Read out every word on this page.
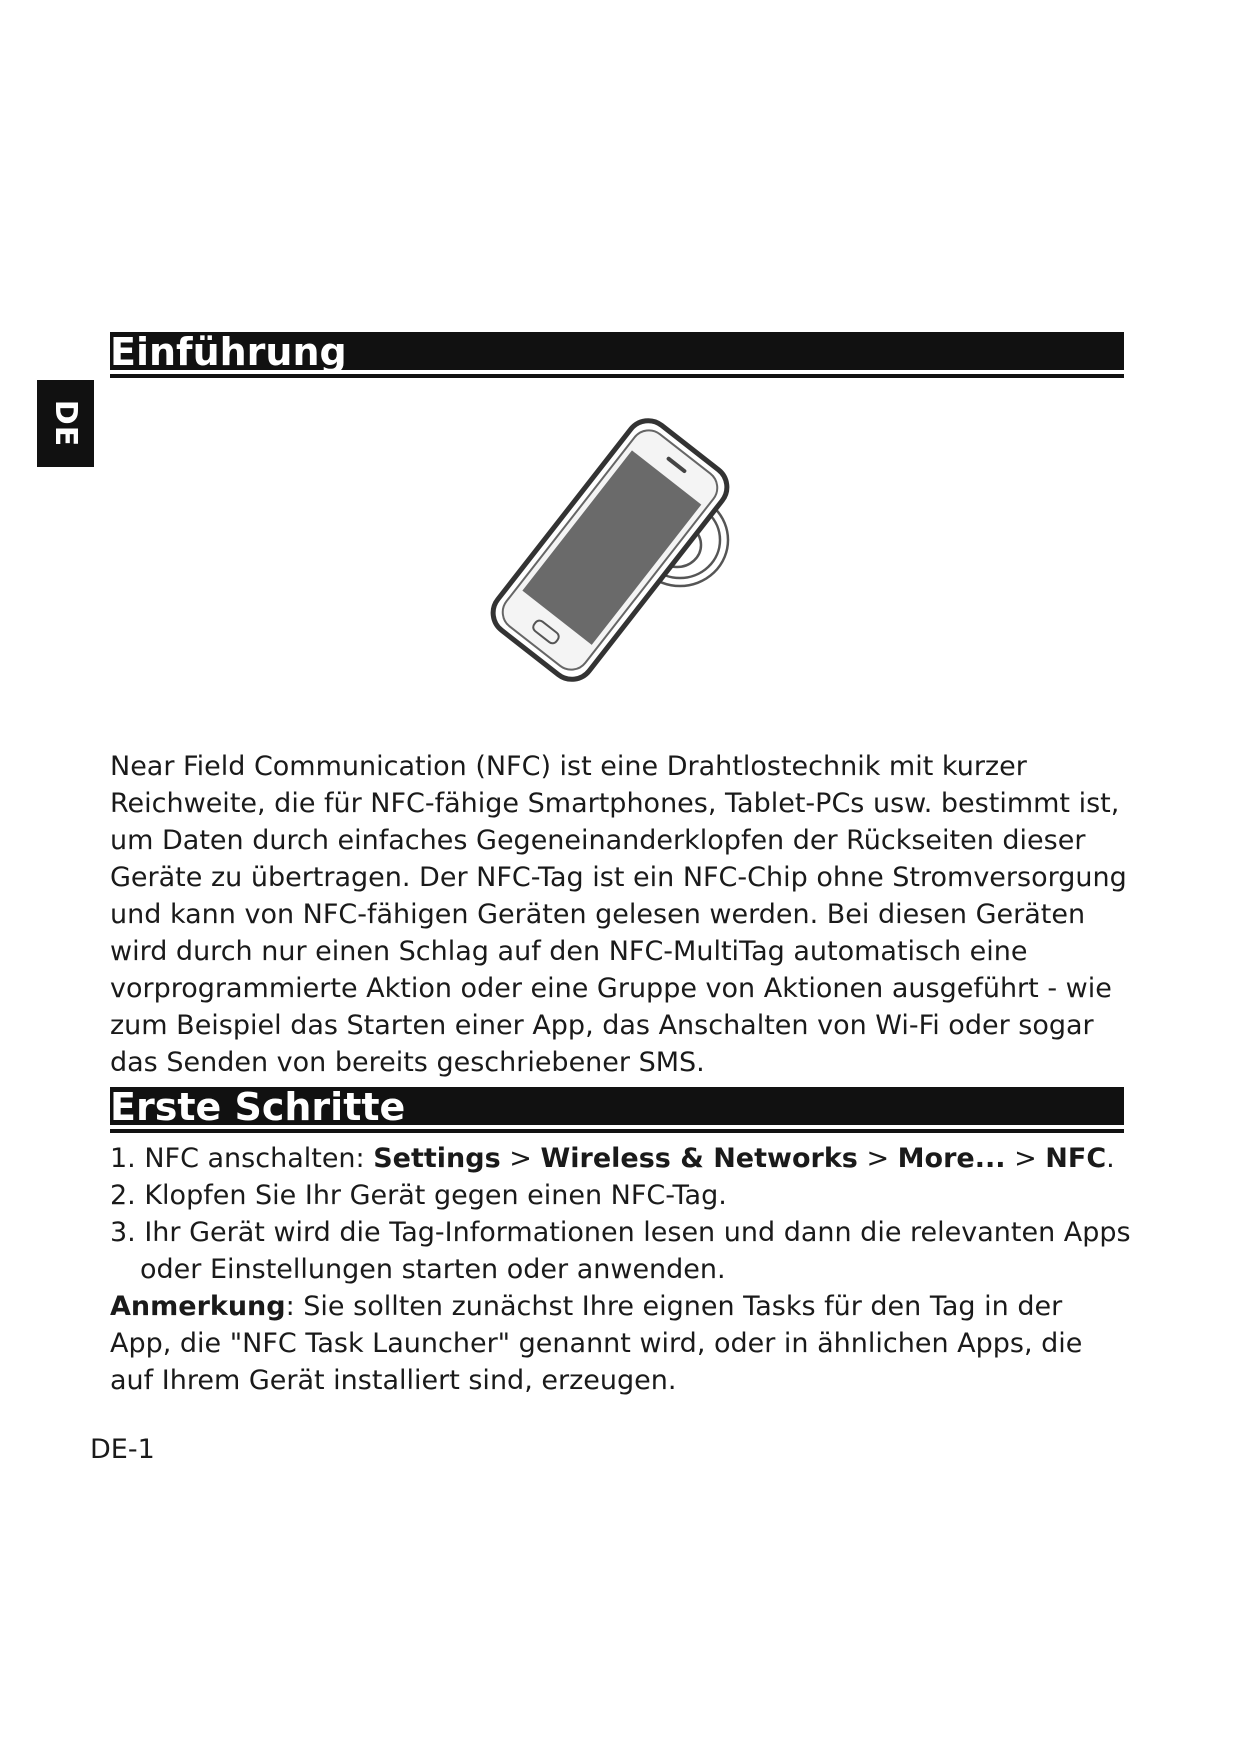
DE
Einführung
Near Field Communication (NFC) ist eine Drahtlostechnik mit kurzer Reichweite, die für NFC-fähige Smartphones, Tablet-PCs usw. bestimmt ist, um Daten durch einfaches Gegeneinanderklopfen der Rückseiten dieser Geräte zu übertragen. Der NFC-Tag ist ein NFC-Chip ohne Stromversorgung und kann von NFC-fähigen Geräten gelesen werden. Bei diesen Geräten wird durch nur einen Schlag auf den NFC-MultiTag automatisch eine vorprogrammierte Aktion oder eine Gruppe von Aktionen ausgeführt - wie zum Beispiel das Starten einer App, das Anschalten von Wi-Fi oder sogar das Senden von bereits geschriebener SMS.
Erste Schritte
1. NFC anschalten: Settings > Wireless & Networks > More... > NFC.
2. Klopfen Sie Ihr Gerät gegen einen NFC-Tag.
3. Ihr Gerät wird die Tag-Informationen lesen und dann die relevanten Apps
oder Einstellungen starten oder anwenden.
Anmerkung: Sie sollten zunächst Ihre eignen Tasks für den Tag in der App, die "NFC Task Launcher" genannt wird, oder in ähnlichen Apps, die auf Ihrem Gerät installiert sind, erzeugen.
DE-1
